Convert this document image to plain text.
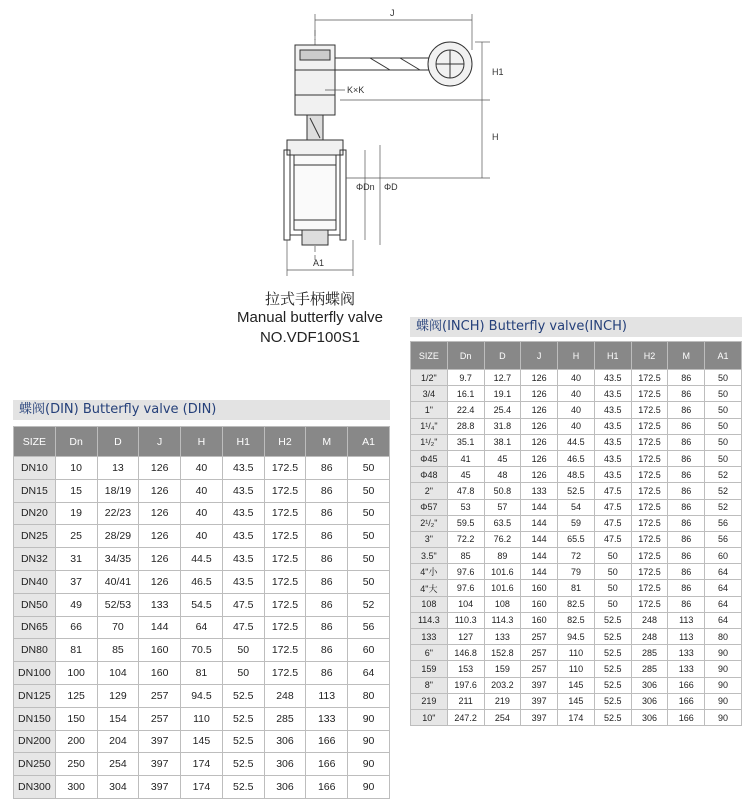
J
H1
H
K×K
ΦDn ΦD
A1
拉式手柄蝶阀
Manual butterfly valve
NO.VDF100S1
蝶阀(DIN) Butterfly valve (DIN)
SIZE	Dn	D	J	H	H1	H2	M	A1
DN10	10	13	126	40	43.5	172.5	86	50
DN15	15	18/19	126	40	43.5	172.5	86	50
DN20	19	22/23	126	40	43.5	172.5	86	50
DN25	25	28/29	126	40	43.5	172.5	86	50
DN32	31	34/35	126	44.5	43.5	172.5	86	50
DN40	37	40/41	126	46.5	43.5	172.5	86	50
DN50	49	52/53	133	54.5	47.5	172.5	86	52
DN65	66	70	144	64	47.5	172.5	86	56
DN80	81	85	160	70.5	50	172.5	86	60
DN100	100	104	160	81	50	172.5	86	64
DN125	125	129	257	94.5	52.5	248	113	80
DN150	150	154	257	110	52.5	285	133	90
DN200	200	204	397	145	52.5	306	166	90
DN250	250	254	397	174	52.5	306	166	90
DN300	300	304	397	174	52.5	306	166	90
蝶阀(INCH) Butterfly valve(INCH)
SIZE	Dn	D	J	H	H1	H2	M	A1
1/2"	9.7	12.7	126	40	43.5	172.5	86	50
3/4	16.1	19.1	126	40	43.5	172.5	86	50
1"	22.4	25.4	126	40	43.5	172.5	86	50
1¹/₄"	28.8	31.8	126	40	43.5	172.5	86	50
1¹/₂"	35.1	38.1	126	44.5	43.5	172.5	86	50
Φ45	41	45	126	46.5	43.5	172.5	86	50
Φ48	45	48	126	48.5	43.5	172.5	86	52
2"	47.8	50.8	133	52.5	47.5	172.5	86	52
Φ57	53	57	144	54	47.5	172.5	86	52
2¹/₂"	59.5	63.5	144	59	47.5	172.5	86	56
3"	72.2	76.2	144	65.5	47.5	172.5	86	56
3.5"	85	89	144	72	50	172.5	86	60
4"小	97.6	101.6	144	79	50	172.5	86	64
4"大	97.6	101.6	160	81	50	172.5	86	64
108	104	108	160	82.5	50	172.5	86	64
114.3	110.3	114.3	160	82.5	52.5	248	113	64
133	127	133	257	94.5	52.5	248	113	80
6"	146.8	152.8	257	110	52.5	285	133	90
159	153	159	257	110	52.5	285	133	90
8"	197.6	203.2	397	145	52.5	306	166	90
219	211	219	397	145	52.5	306	166	90
10"	247.2	254	397	174	52.5	306	166	90
